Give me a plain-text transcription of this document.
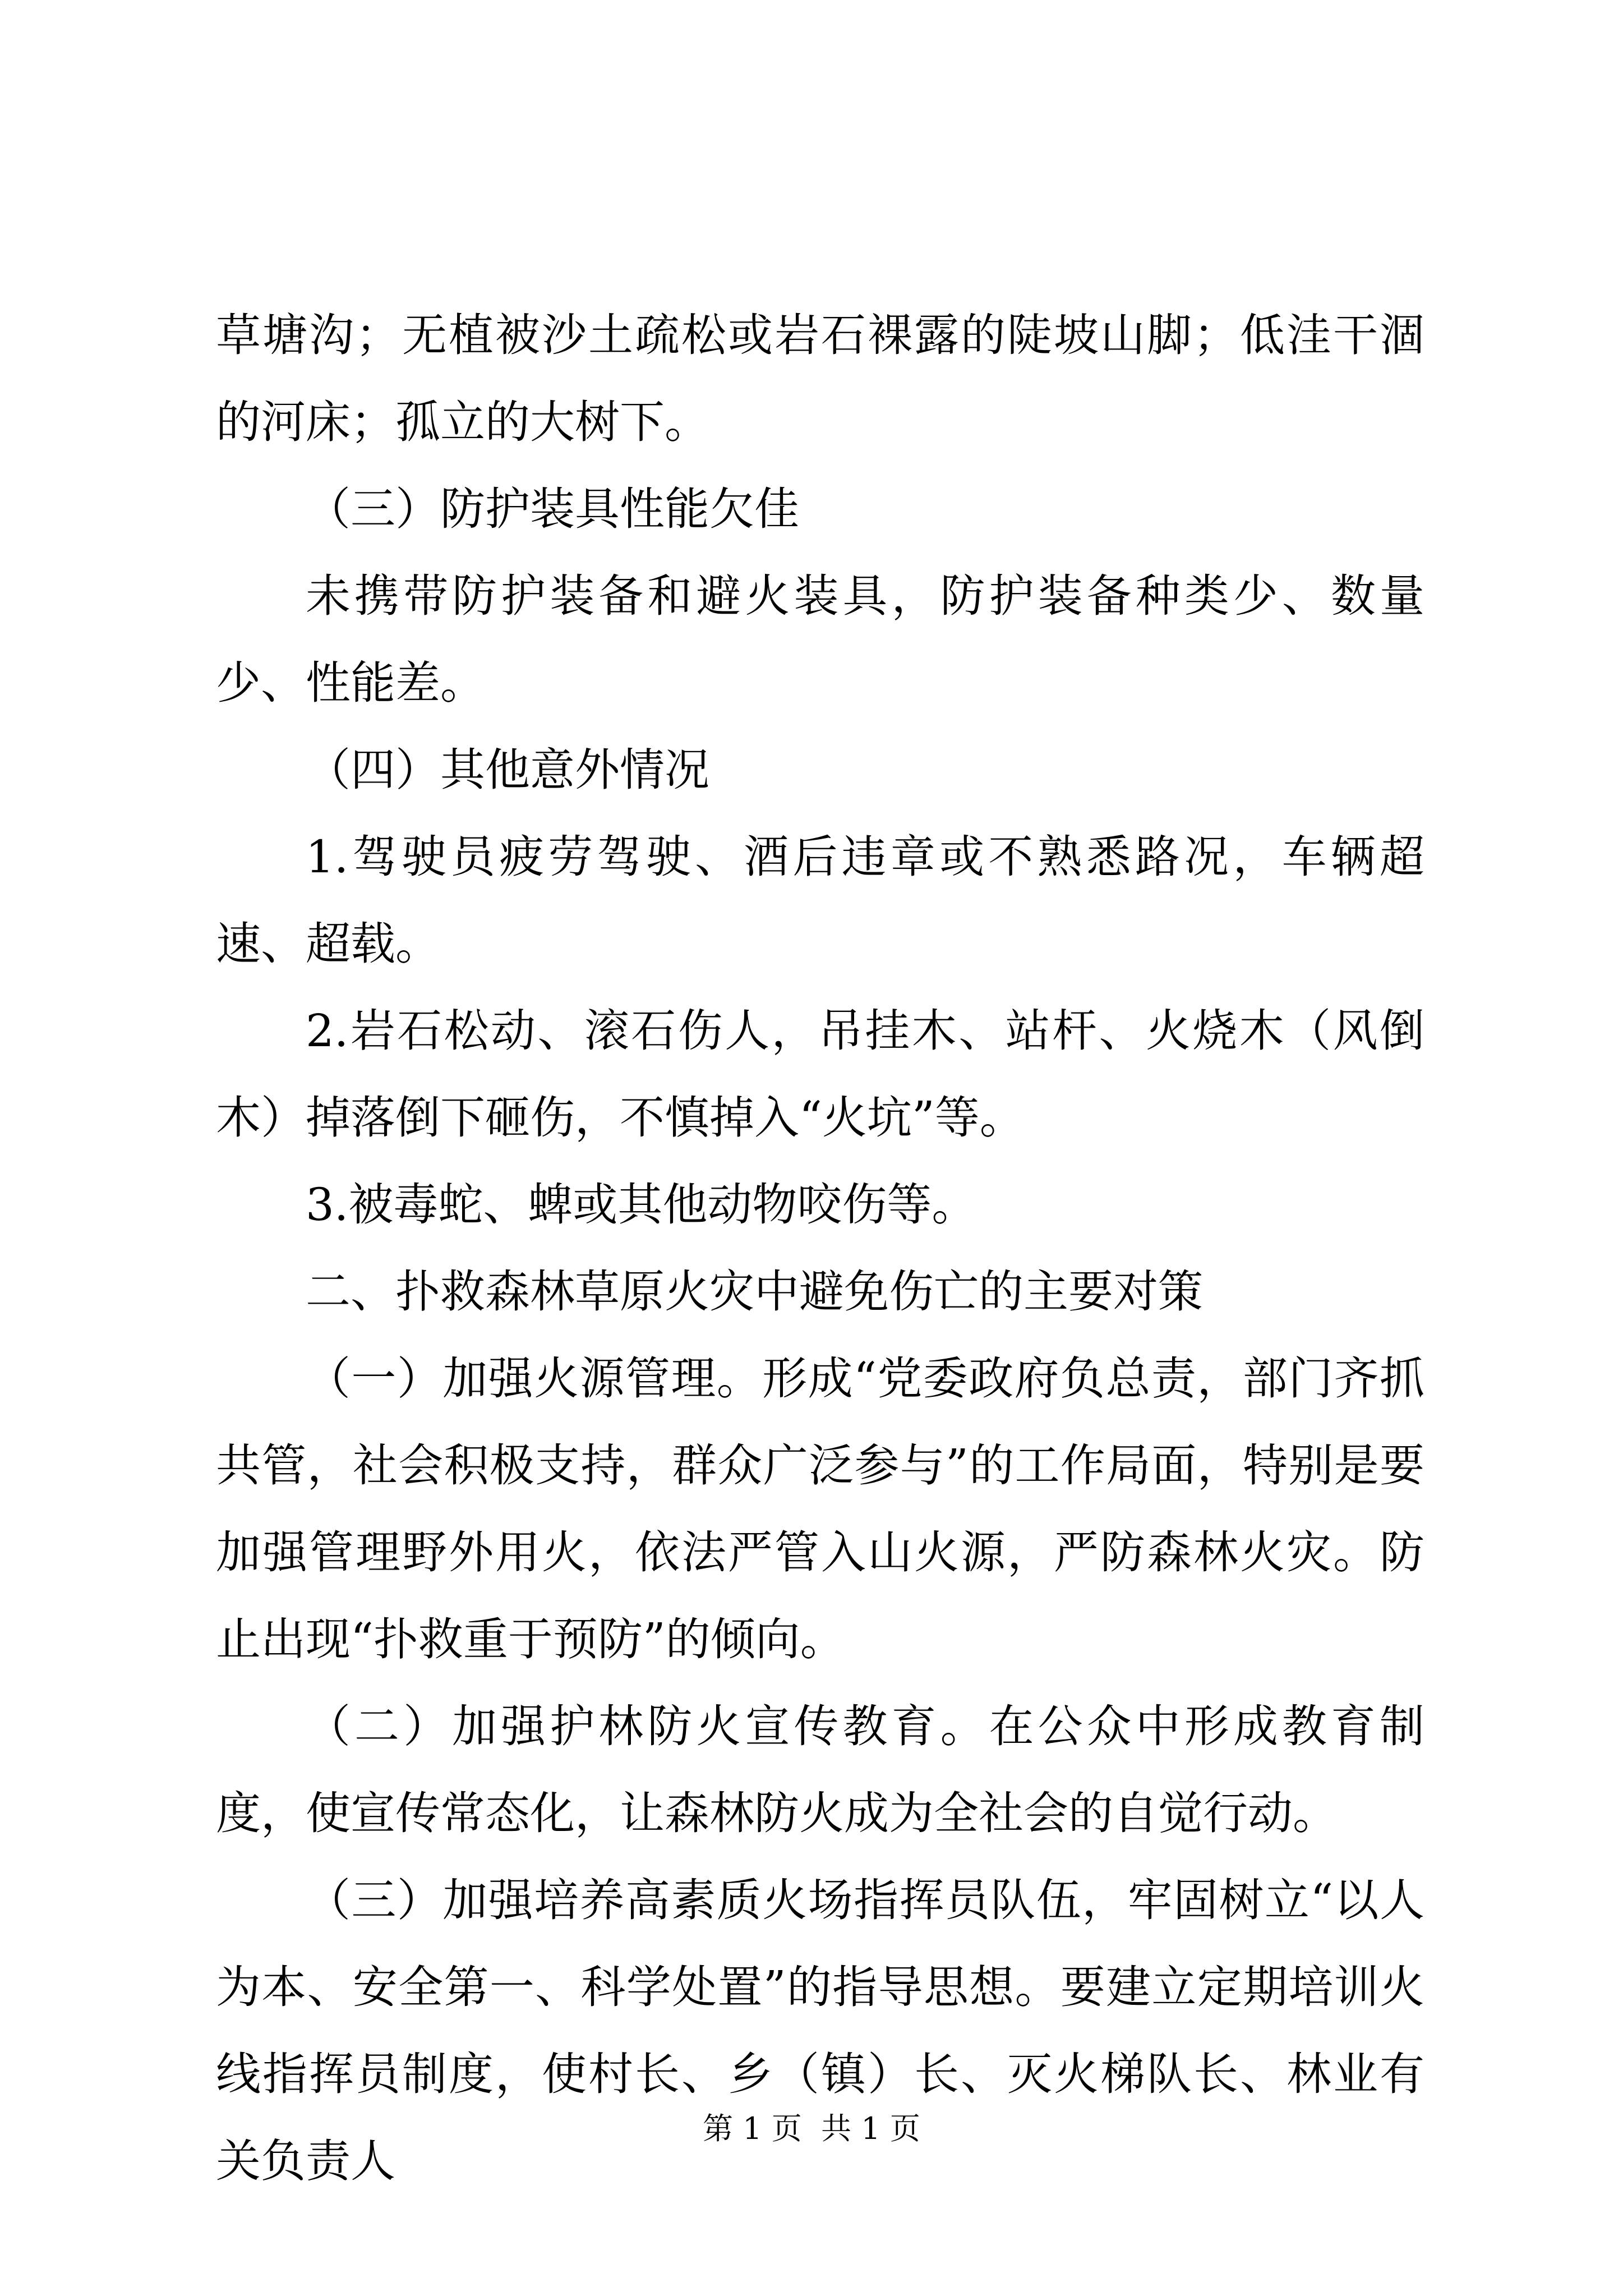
草塘沟；无植被沙土疏松或岩石裸露的陡坡山脚；低洼干涸的河床；孤立的大树下。

（三）防护装具性能欠佳

未携带防护装备和避火装具，防护装备种类少、数量少、性能差。

（四）其他意外情况

1.驾驶员疲劳驾驶、酒后违章或不熟悉路况，车辆超速、超载。

2.岩石松动、滚石伤人，吊挂木、站杆、火烧木（风倒木）掉落倒下砸伤，不慎掉入“火坑”等。

3.被毒蛇、蜱或其他动物咬伤等。

二、扑救森林草原火灾中避免伤亡的主要对策

（一）加强火源管理。形成“党委政府负总责，部门齐抓共管，社会积极支持，群众广泛参与”的工作局面，特别是要加强管理野外用火，依法严管入山火源，严防森林火灾。防止出现“扑救重于预防”的倾向。

（二）加强护林防火宣传教育。在公众中形成教育制度，使宣传常态化，让森林防火成为全社会的自觉行动。

（三）加强培养高素质火场指挥员队伍，牢固树立“以人为本、安全第一、科学处置”的指导思想。要建立定期培训火线指挥员制度，使村长、乡（镇）长、灭火梯队长、林业有关负责人

第 1 页  共 1 页
